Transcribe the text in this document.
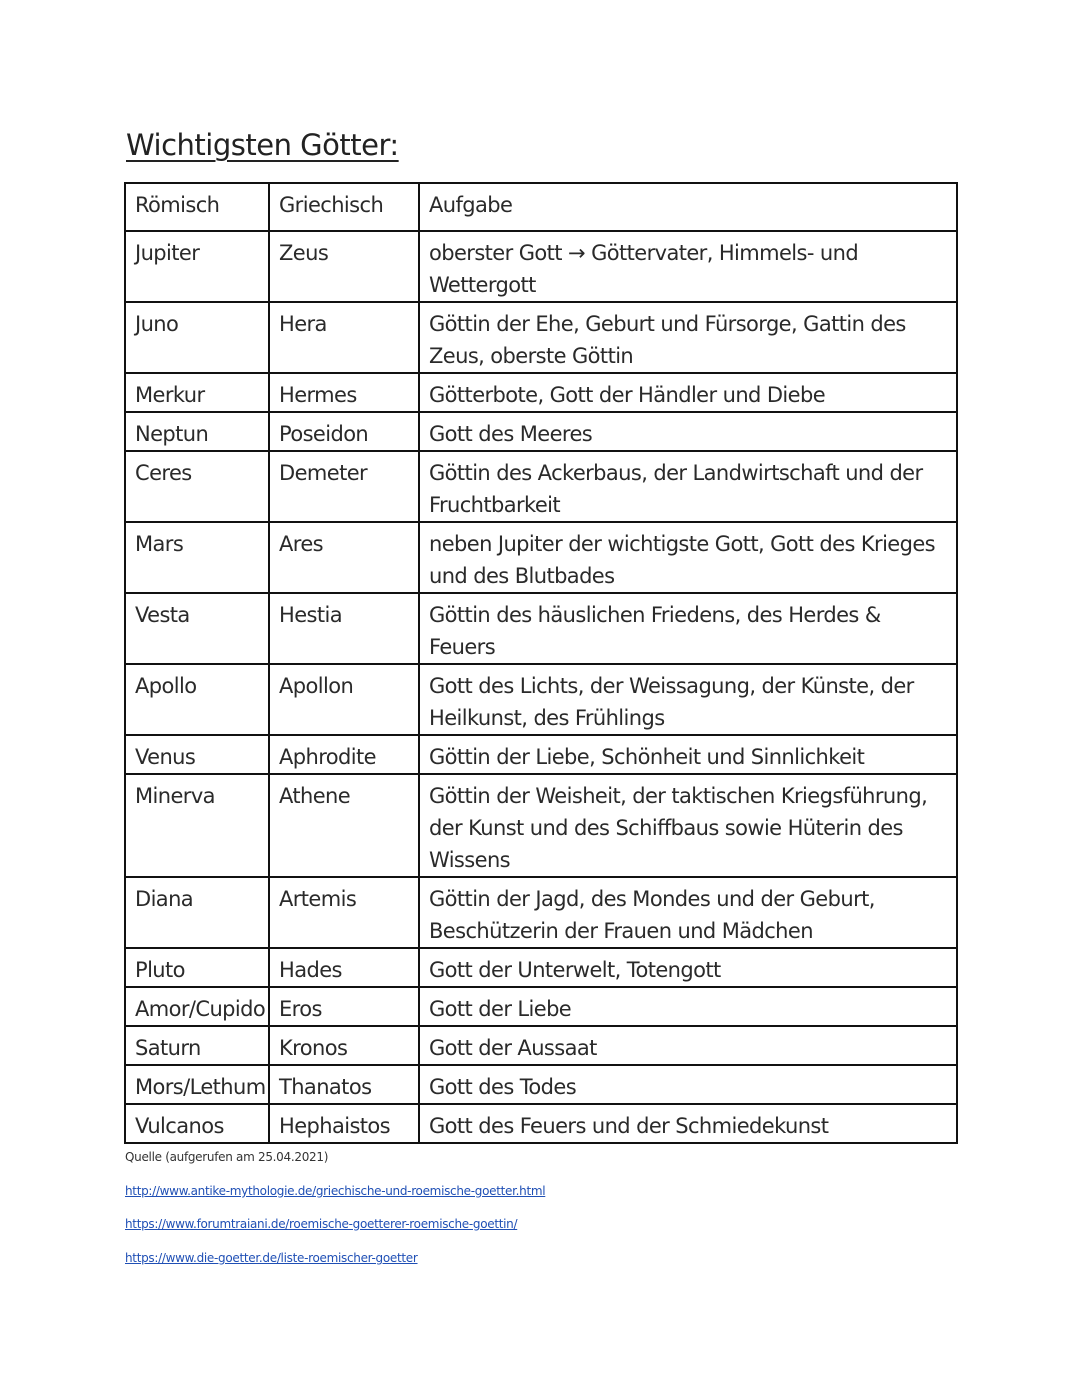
Wichtigsten Götter:
Römisch	Griechisch	Aufgabe
Jupiter	Zeus	oberster Gott → Göttervater, Himmels- und Wettergott
Juno	Hera	Göttin der Ehe, Geburt und Fürsorge, Gattin des Zeus, oberste Göttin
Merkur	Hermes	Götterbote, Gott der Händler und Diebe
Neptun	Poseidon	Gott des Meeres
Ceres	Demeter	Göttin des Ackerbaus, der Landwirtschaft und der Fruchtbarkeit
Mars	Ares	neben Jupiter der wichtigste Gott, Gott des Krieges und des Blutbades
Vesta	Hestia	Göttin des häuslichen Friedens, des Herdes & Feuers
Apollo	Apollon	Gott des Lichts, der Weissagung, der Künste, der Heilkunst, des Frühlings
Venus	Aphrodite	Göttin der Liebe, Schönheit und Sinnlichkeit
Minerva	Athene	Göttin der Weisheit, der taktischen Kriegsführung, der Kunst und des Schiffbaus sowie Hüterin des Wissens
Diana	Artemis	Göttin der Jagd, des Mondes und der Geburt, Beschützerin der Frauen und Mädchen
Pluto	Hades	Gott der Unterwelt, Totengott
Amor/Cupido	Eros	Gott der Liebe
Saturn	Kronos	Gott der Aussaat
Mors/Lethum	Thanatos	Gott des Todes
Vulcanos	Hephaistos	Gott des Feuers und der Schmiedekunst
Quelle (aufgerufen am 25.04.2021)
http://www.antike-mythologie.de/griechische-und-roemische-goetter.html
https://www.forumtraiani.de/roemische-goetterer-roemische-goettin/
https://www.die-goetter.de/liste-roemischer-goetter
